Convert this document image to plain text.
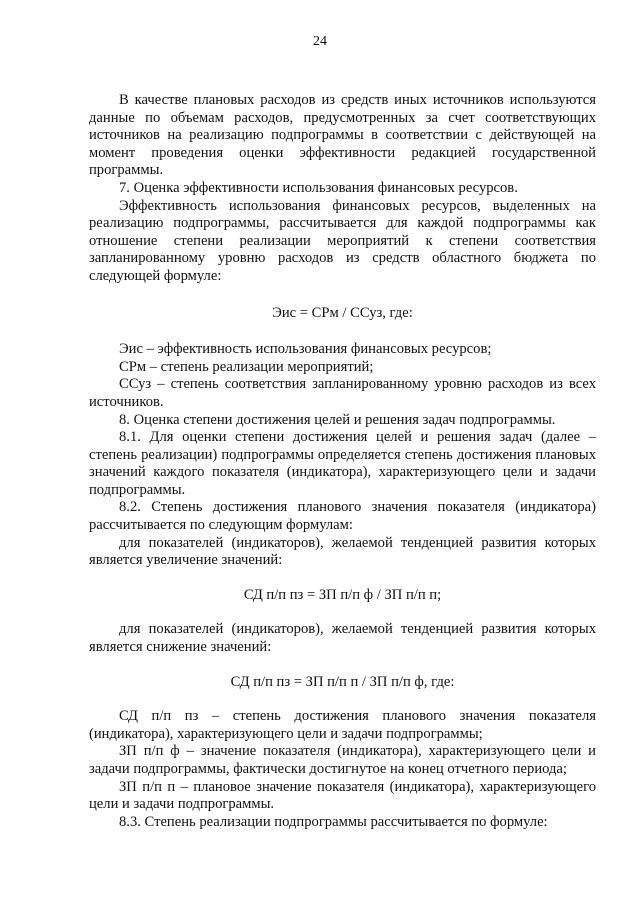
24

В качестве плановых расходов из средств иных источников используются данные по объемам расходов, предусмотренных за счет соответствующих источников на реализацию подпрограммы в соответствии с действующей на момент проведения оценки эффективности редакцией государственной программы.

7. Оценка эффективности использования финансовых ресурсов.

Эффективность использования финансовых ресурсов, выделенных на реализацию подпрограммы, рассчитывается для каждой подпрограммы как отношение степени реализации мероприятий к степени соответствия запланированному уровню расходов из средств областного бюджета по следующей формуле:

Эис = СРм / ССуз, где:

Эис – эффективность использования финансовых ресурсов;

СРм – степень реализации мероприятий;

ССуз – степень соответствия запланированному уровню расходов из всех источников.

8. Оценка степени достижения целей и решения задач подпрограммы.

8.1. Для оценки степени достижения целей и решения задач (далее – степень реализации) подпрограммы определяется степень достижения плановых значений каждого показателя (индикатора), характеризующего цели и задачи подпрограммы.

8.2. Степень достижения планового значения показателя (индикатора) рассчитывается по следующим формулам:

для показателей (индикаторов), желаемой тенденцией развития которых является увеличение значений:

СД п/п пз = ЗП п/п ф / ЗП п/п п;

для показателей (индикаторов), желаемой тенденцией развития которых является снижение значений:

СД п/п пз = ЗП п/п п / ЗП п/п ф, где:

СД п/п пз – степень достижения планового значения показателя (индикатора), характеризующего цели и задачи подпрограммы;

ЗП п/п ф – значение показателя (индикатора), характеризующего цели и задачи подпрограммы, фактически достигнутое на конец отчетного периода;

ЗП п/п п – плановое значение показателя (индикатора), характеризующего цели и задачи подпрограммы.

8.3. Степень реализации подпрограммы рассчитывается по формуле:
